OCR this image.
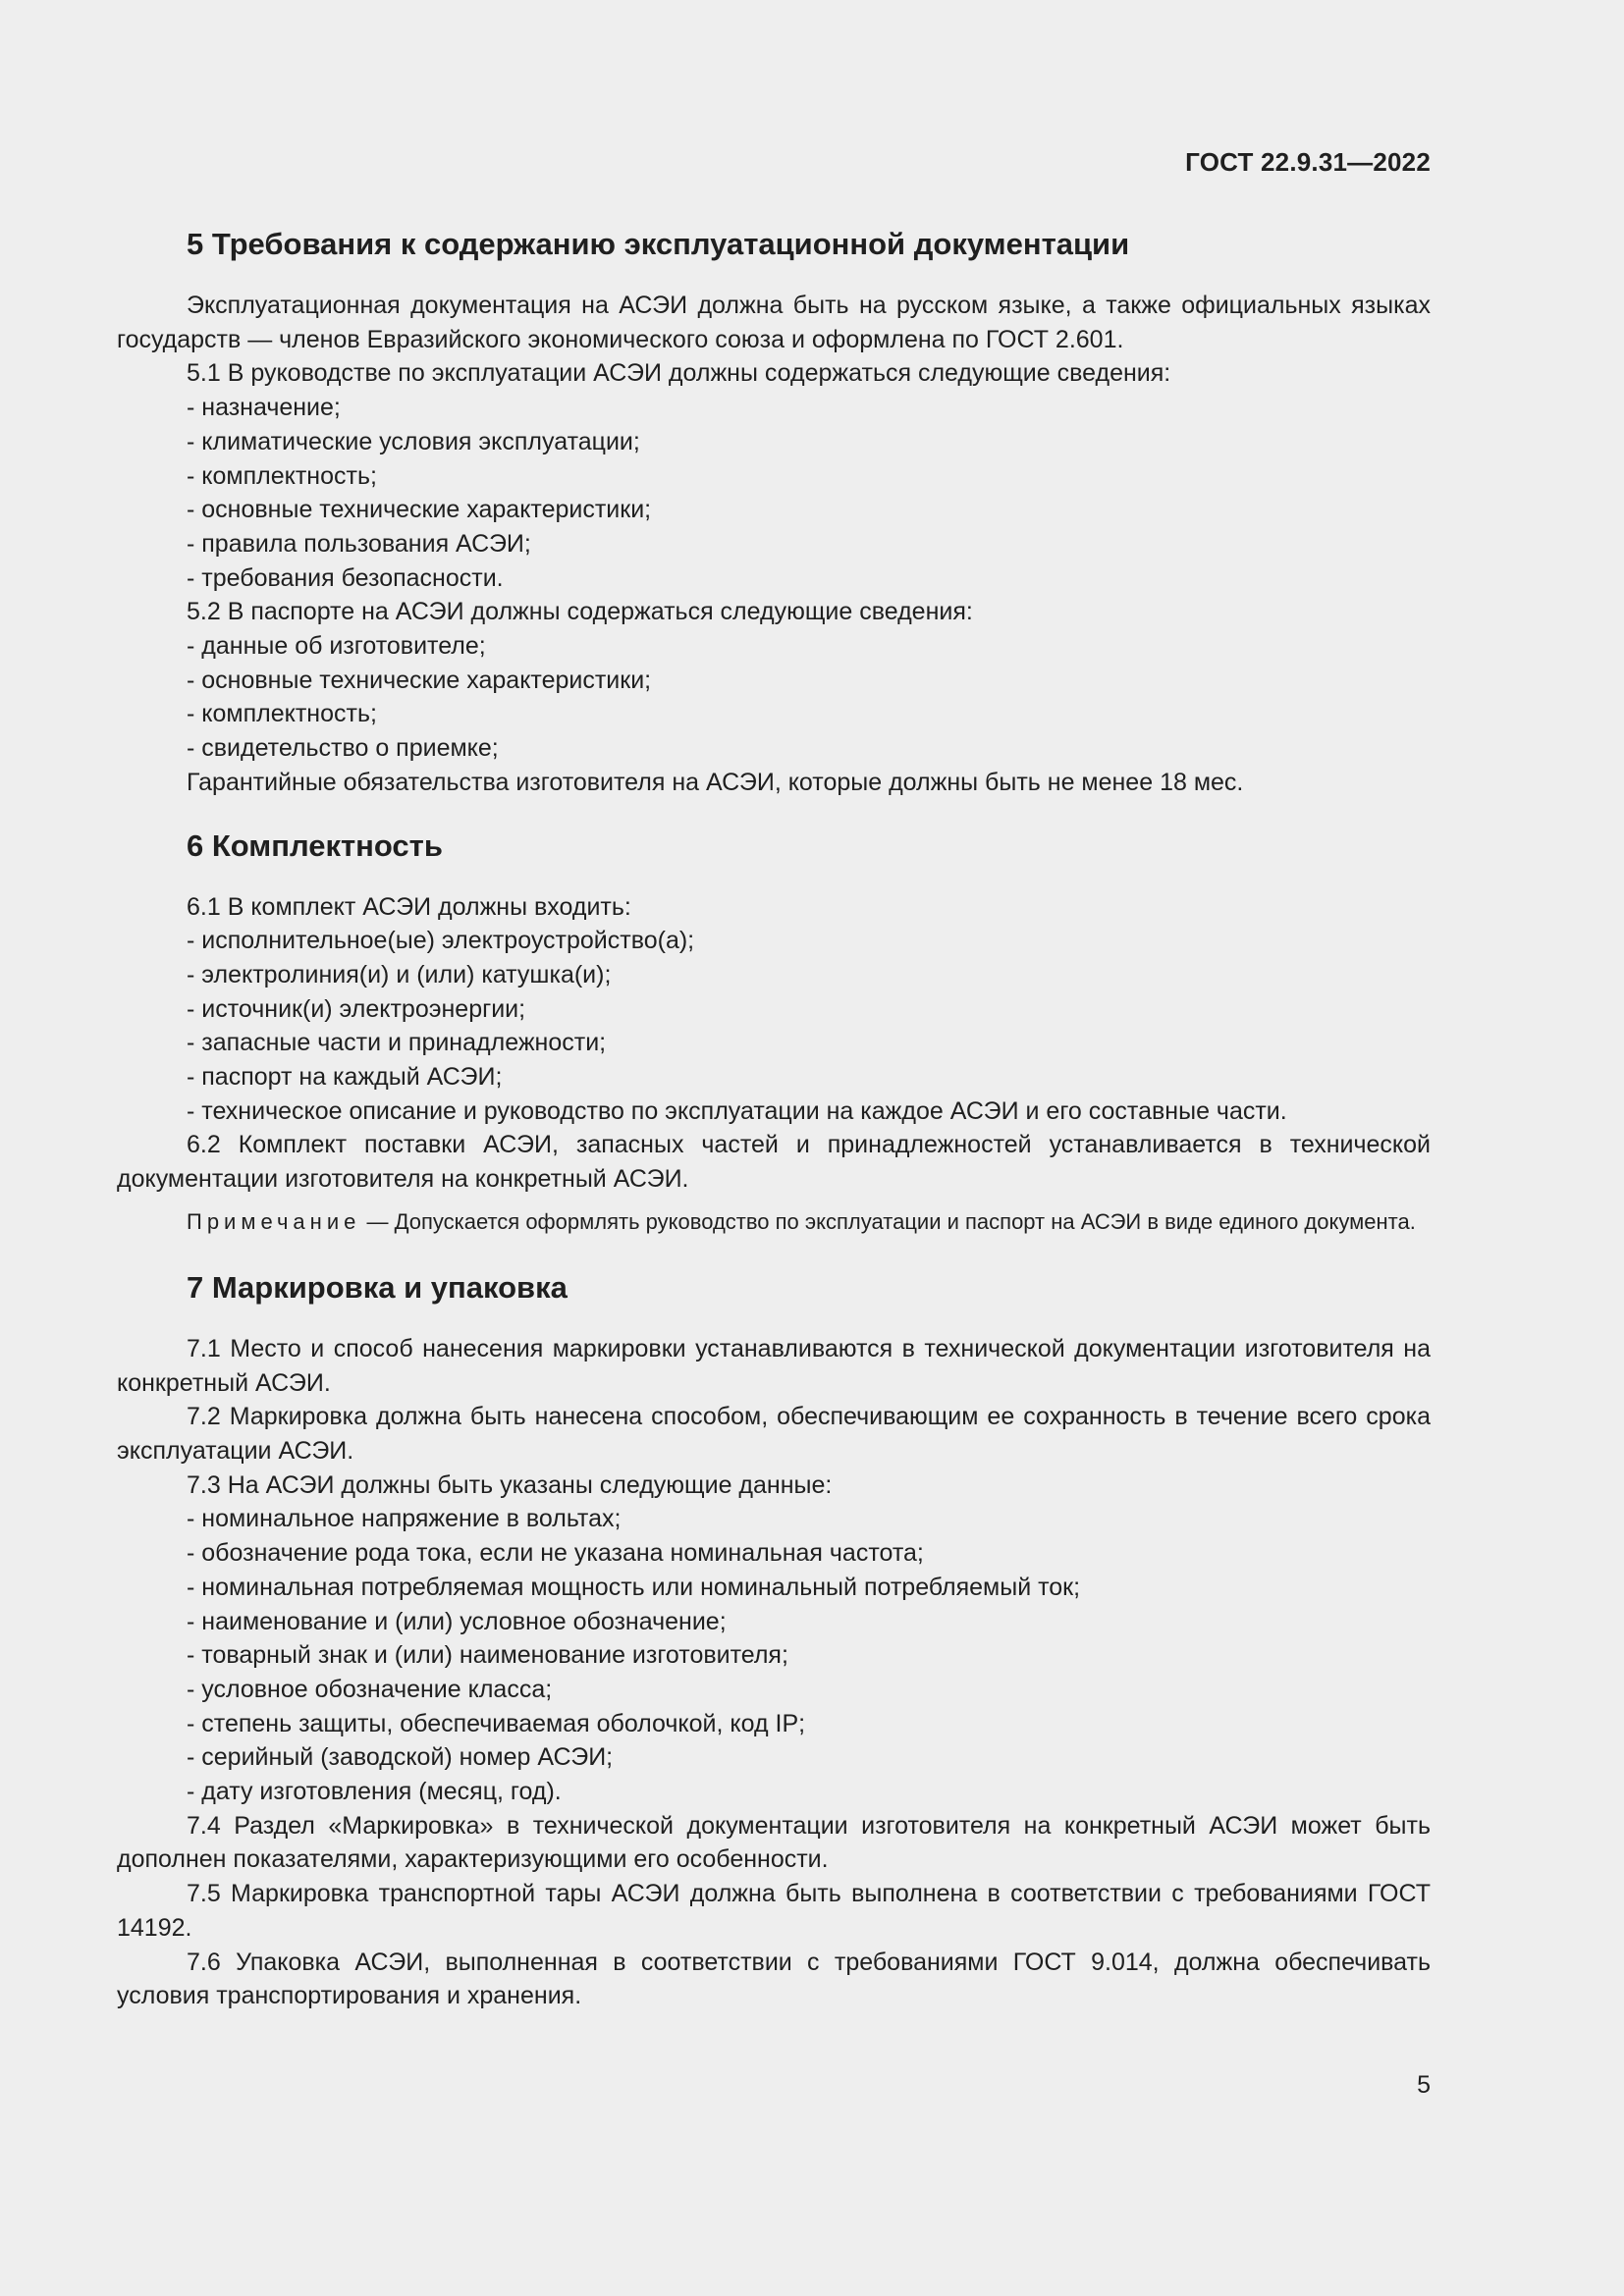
ГОСТ 22.9.31—2022
5 Требования к содержанию эксплуатационной документации

Эксплуатационная документация на АСЭИ должна быть на русском языке, а также официальных языках государств — членов Евразийского экономического союза и оформлена по ГОСТ 2.601.

5.1 В руководстве по эксплуатации АСЭИ должны содержаться следующие сведения:

- назначение;

- климатические условия эксплуатации;

- комплектность;

- основные технические характеристики;

- правила пользования АСЭИ;

- требования безопасности.

5.2 В паспорте на АСЭИ должны содержаться следующие сведения:

- данные об изготовителе;

- основные технические характеристики;

- комплектность;

- свидетельство о приемке;

Гарантийные обязательства изготовителя на АСЭИ, которые должны быть не менее 18 мес.

6 Комплектность

6.1 В комплект АСЭИ должны входить:

- исполнительное(ые) электроустройство(а);

- электролиния(и) и (или) катушка(и);

- источник(и) электроэнергии;

- запасные части и принадлежности;

- паспорт на каждый АСЭИ;

- техническое описание и руководство по эксплуатации на каждое АСЭИ и его составные части.

6.2 Комплект поставки АСЭИ, запасных частей и принадлежностей устанавливается в техничеcкой документации изготовителя на конкретный АСЭИ.

Примечание — Допускается оформлять руководство по эксплуатации и паспорт на АСЭИ в виде единого документа.
7 Маркировка и упаковка

7.1 Место и способ нанесения маркировки устанавливаются в технической документации изготовителя на конкретный АСЭИ.

7.2 Маркировка должна быть нанесена способом, обеспечивающим ее сохранность в течение всего срока эксплуатации АСЭИ.

7.3 На АСЭИ должны быть указаны следующие данные:

- номинальное напряжение в вольтах;

- обозначение рода тока, если не указана номинальная частота;

- номинальная потребляемая мощность или номинальный потребляемый ток;

- наименование и (или) условное обозначение;

- товарный знак и (или) наименование изготовителя;

- условное обозначение класса;

- степень защиты, обеспечиваемая оболочкой, код IP;

- серийный (заводской) номер АСЭИ;

- дату изготовления (месяц, год).

7.4 Раздел «Маркировка» в технической документации изготовителя на конкретный АСЭИ может быть дополнен показателями, характеризующими его особенности.

7.5 Маркировка транспортной тары АСЭИ должна быть выполнена в соответствии с требованиями ГОСТ 14192.

7.6 Упаковка АСЭИ, выполненная в соответствии с требованиями ГОСТ 9.014, должна обеспечивать условия транспортирования и хранения.

5
